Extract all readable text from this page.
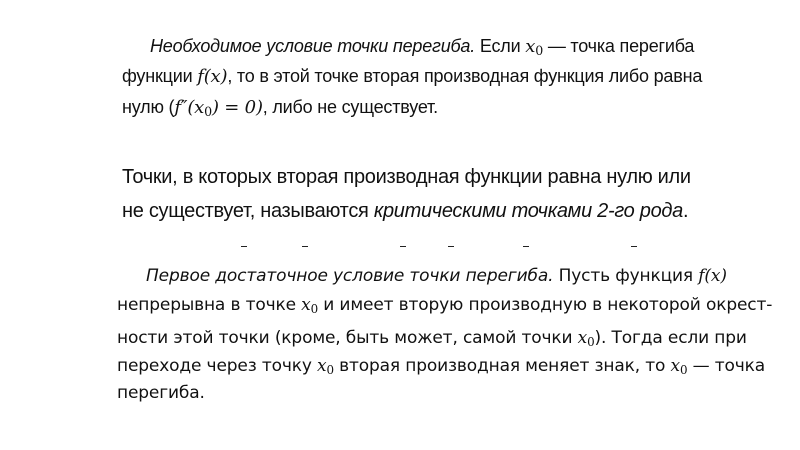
Необходимое условие точки перегиба. Если $x_0$ — точка перегиба
функции f(x), то в этой точке вторая производная функция либо равна
нулю $(f''(x_0) = 0)$, либо не существует.
Точки, в которых вторая производная функции равна нулю или
не существует, называются критическими точками 2-го рода.
Первое достаточное условие точки перегиба. Пусть функция f(x)
непрерывна в точке $x_0$ и имеет вторую производную в некоторой окрест-
ности этой точки (кроме, быть может, самой точки $x_0$). Тогда если при
переходе через точку $x_0$ вторая производная меняет знак, то $x_0$ — точка
перегиба.
